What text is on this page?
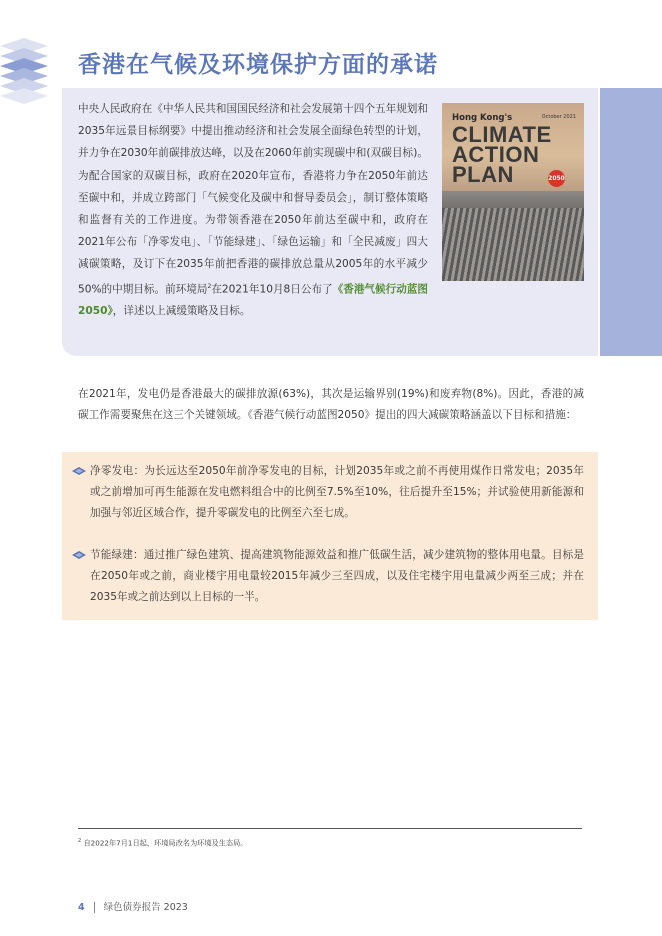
香港在气候及环境保护方面的承诺
中央人民政府在《中华人民共和国国民经济和社会发展第十四个五年规划和2035年远景目标纲要》中提出推动经济和社会发展全面绿色转型的计划，并力争在2030年前碳排放达峰，以及在2060年前实现碳中和(双碳目标)。为配合国家的双碳目标，政府在2020年宣布，香港将力争在2050年前达至碳中和，并成立跨部门「气候变化及碳中和督导委员会」，制订整体策略和监督有关的工作进度。为带领香港在2050年前达至碳中和，政府在2021年公布「净零发电」、「节能绿建」、「绿色运输」和「全民减废」四大减碳策略，及订下在2035年前把香港的碳排放总量从2005年的水平减少50%的中期目标。前环境局$^2$在2021年10月8日公布了《香港气候行动蓝图2050》，详述以上减缓策略及目标。
Hong Kong's	October 2021
CLIMATE
ACTION
PLAN	2050
在2021年，发电仍是香港最大的碳排放源(63%)，其次是运输界别(19%)和废弃物(8%)。因此，香港的减碳工作需要聚焦在这三个关键领域。《香港气候行动蓝图2050》提出的四大减碳策略涵盖以下目标和措施：
净零发电：为长远达至2050年前净零发电的目标，计划2035年或之前不再使用煤作日常发电；2035年或之前增加可再生能源在发电燃料组合中的比例至7.5%至10%，往后提升至15%；并试验使用新能源和加强与邻近区域合作，提升零碳发电的比例至六至七成。
节能绿建：通过推广绿色建筑、提高建筑物能源效益和推广低碳生活，减少建筑物的整体用电量。目标是在2050年或之前，商业楼宇用电量较2015年减少三至四成，以及住宅楼宇用电量减少两至三成；并在2035年或之前达到以上目标的一半。
$^2$ 自2022年7月1日起，环境局改名为环境及生态局。
4 绿色债券报告 2023
